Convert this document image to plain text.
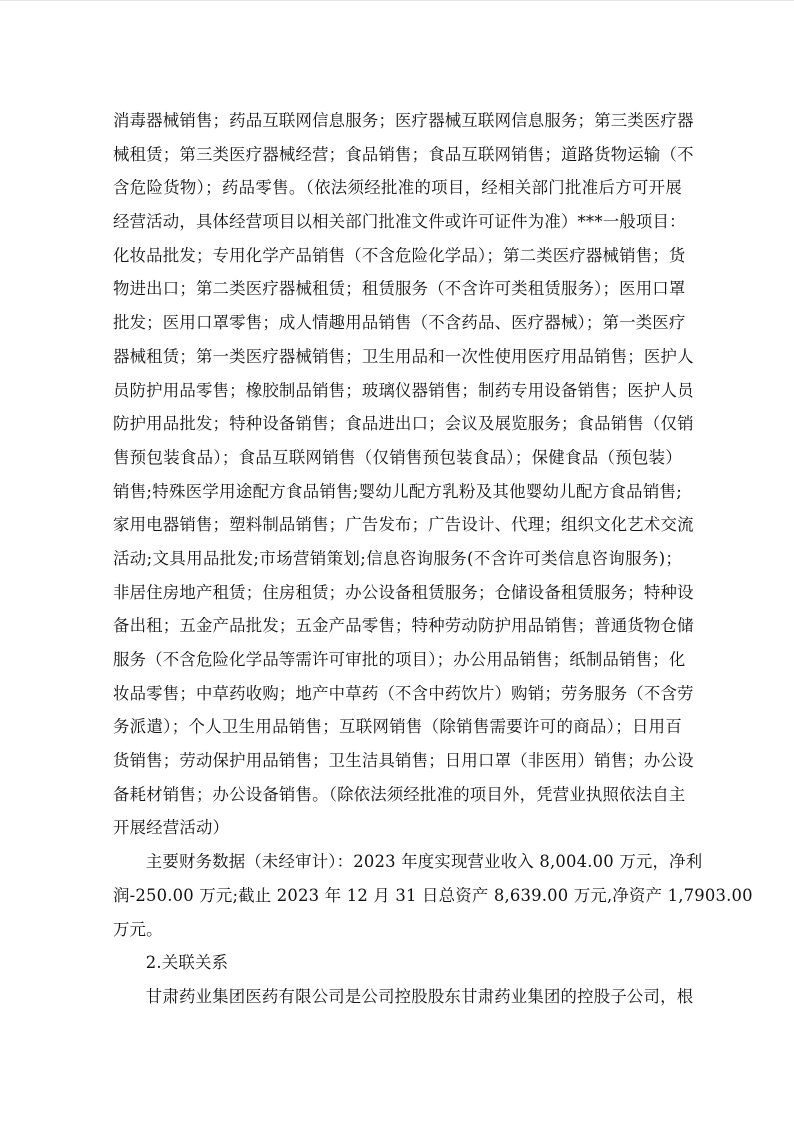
消毒器械销售；药品互联网信息服务；医疗器械互联网信息服务；第三类医疗器
械租赁；第三类医疗器械经营；食品销售；食品互联网销售；道路货物运输（不
含危险货物）；药品零售。（依法须经批准的项目，经相关部门批准后方可开展
经营活动，具体经营项目以相关部门批准文件或许可证件为准）***一般项目：
化妆品批发；专用化学产品销售（不含危险化学品）；第二类医疗器械销售；货
物进出口；第二类医疗器械租赁；租赁服务（不含许可类租赁服务）；医用口罩
批发；医用口罩零售；成人情趣用品销售（不含药品、医疗器械）；第一类医疗
器械租赁；第一类医疗器械销售；卫生用品和一次性使用医疗用品销售；医护人
员防护用品零售；橡胶制品销售；玻璃仪器销售；制药专用设备销售；医护人员
防护用品批发；特种设备销售；食品进出口；会议及展览服务；食品销售（仅销
售预包装食品）；食品互联网销售（仅销售预包装食品）；保健食品（预包装）
销售;特殊医学用途配方食品销售;婴幼儿配方乳粉及其他婴幼儿配方食品销售;
家用电器销售；塑料制品销售；广告发布；广告设计、代理；组织文化艺术交流
活动;文具用品批发;市场营销策划;信息咨询服务(不含许可类信息咨询服务)；
非居住房地产租赁；住房租赁；办公设备租赁服务；仓储设备租赁服务；特种设
备出租；五金产品批发；五金产品零售；特种劳动防护用品销售；普通货物仓储
服务（不含危险化学品等需许可审批的项目）；办公用品销售；纸制品销售；化
妆品零售；中草药收购；地产中草药（不含中药饮片）购销；劳务服务（不含劳
务派遣）；个人卫生用品销售；互联网销售（除销售需要许可的商品）；日用百
货销售；劳动保护用品销售；卫生洁具销售；日用口罩（非医用）销售；办公设
备耗材销售；办公设备销售。（除依法须经批准的项目外，凭营业执照依法自主
开展经营活动）
主要财务数据（未经审计）：2023 年度实现营业收入 8,004.00 万元，净利
润-250.00 万元;截止 2023 年 12 月 31 日总资产 8,639.00 万元,净资产 1,7903.00
万元。
2.关联关系
甘肃药业集团医药有限公司是公司控股股东甘肃药业集团的控股子公司，根
